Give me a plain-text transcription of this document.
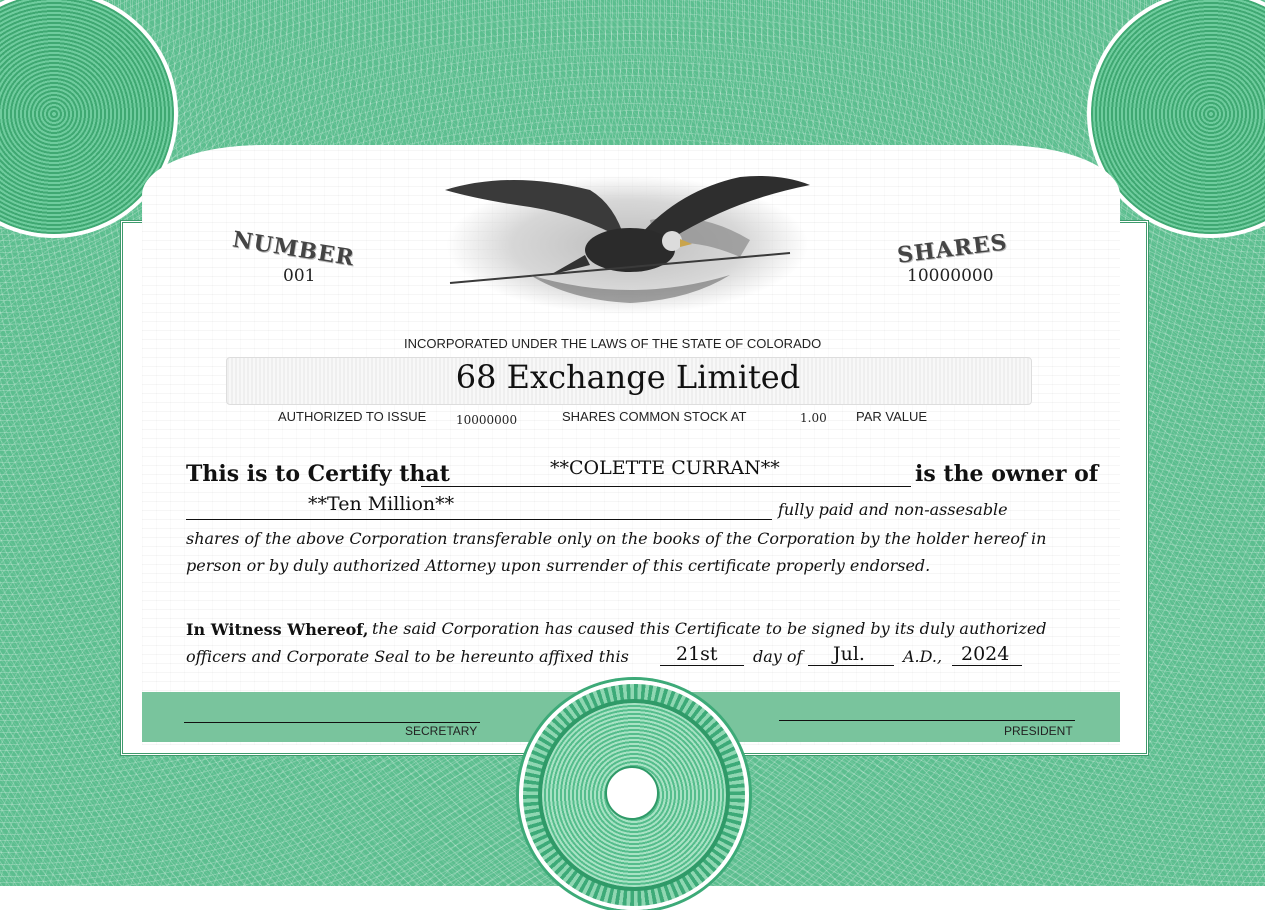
NUMBER
001
SHARES
10000000
INCORPORATED UNDER THE LAWS OF THE STATE OF COLORADO
68 Exchange Limited
AUTHORIZED TO ISSUE 10000000	SHARES COMMON STOCK AT	1.00 PAR VALUE
This is to Certify that	**COLETTE CURRAN**	is the owner of
**Ten Million**	fully paid and non-assesable
shares of the above Corporation transferable only on the books of the Corporation by the holder hereof in
person or by duly authorized Attorney upon surrender of this certificate properly endorsed.
In Witness Whereof, the said Corporation has caused this Certificate to be signed by its duly authorized
officers and Corporate Seal to be hereunto affixed this 21st day of Jul. A.D., 2024
SECRETARY	PRESIDENT
